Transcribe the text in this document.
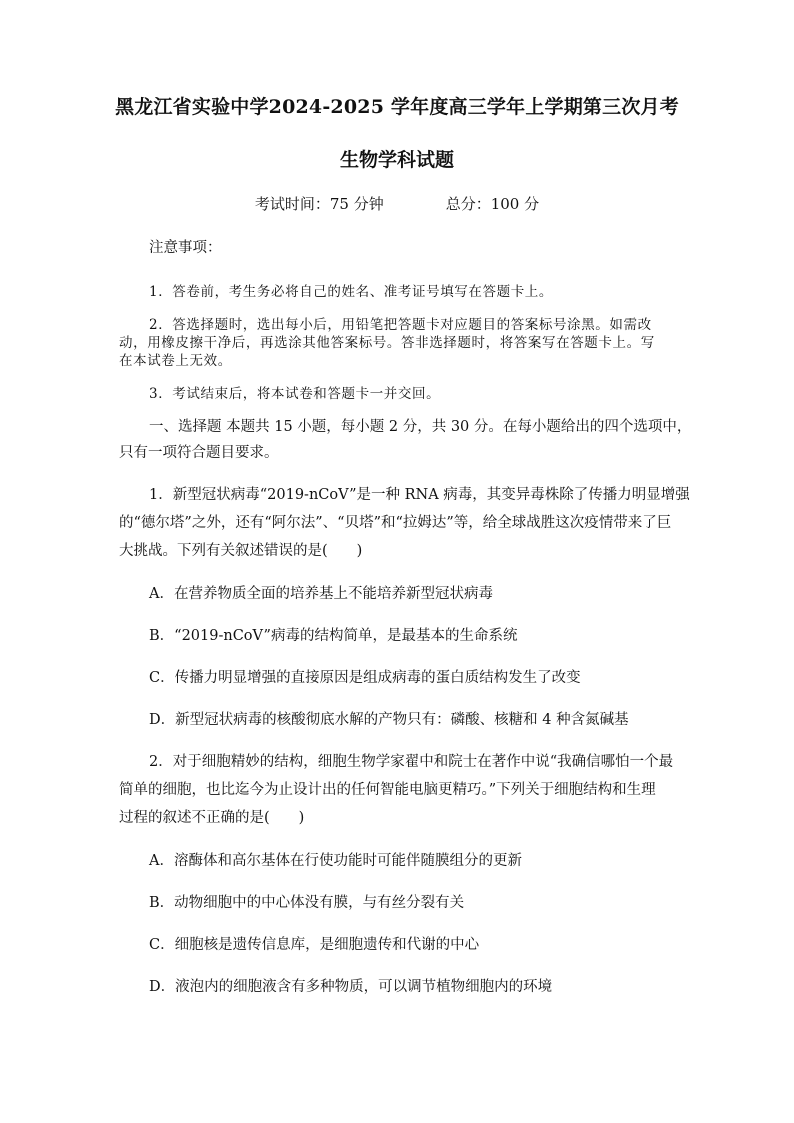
黑龙江省实验中学2024-2025 学年度高三学年上学期第三次月考
生物学科试题
考试时间：75 分钟	总分：100 分
注意事项：
1．答卷前，考生务必将自己的姓名、准考证号填写在答题卡上。
2．答选择题时，选出每小后，用铅笔把答题卡对应题目的答案标号涂黑。如需改
动，用橡皮擦干净后，再选涂其他答案标号。答非选择题时，将答案写在答题卡上。写
在本试卷上无效。
3．考试结束后，将本试卷和答题卡一并交回。
一、选择题 本题共 15 小题，每小题 2 分，共 30 分。在每小题给出的四个选项中，
只有一项符合题目要求。
1．新型冠状病毒“2019-nCoV”是一种 RNA 病毒，其变异毒株除了传播力明显增强
的“德尔塔”之外，还有“阿尔法”、“贝塔”和“拉姆达”等，给全球战胜这次疫情带来了巨
大挑战。下列有关叙述错误的是(　　)
A．在营养物质全面的培养基上不能培养新型冠状病毒
B．“2019-nCoV”病毒的结构简单，是最基本的生命系统
C．传播力明显增强的直接原因是组成病毒的蛋白质结构发生了改变
D．新型冠状病毒的核酸彻底水解的产物只有：磷酸、核糖和 4 种含氮碱基
2．对于细胞精妙的结构，细胞生物学家翟中和院士在著作中说“我确信哪怕一个最
简单的细胞，也比迄今为止设计出的任何智能电脑更精巧。”下列关于细胞结构和生理
过程的叙述不正确的是(　　)
A．溶酶体和高尔基体在行使功能时可能伴随膜组分的更新
B．动物细胞中的中心体没有膜，与有丝分裂有关
C．细胞核是遗传信息库，是细胞遗传和代谢的中心
D．液泡内的细胞液含有多种物质，可以调节植物细胞内的环境
